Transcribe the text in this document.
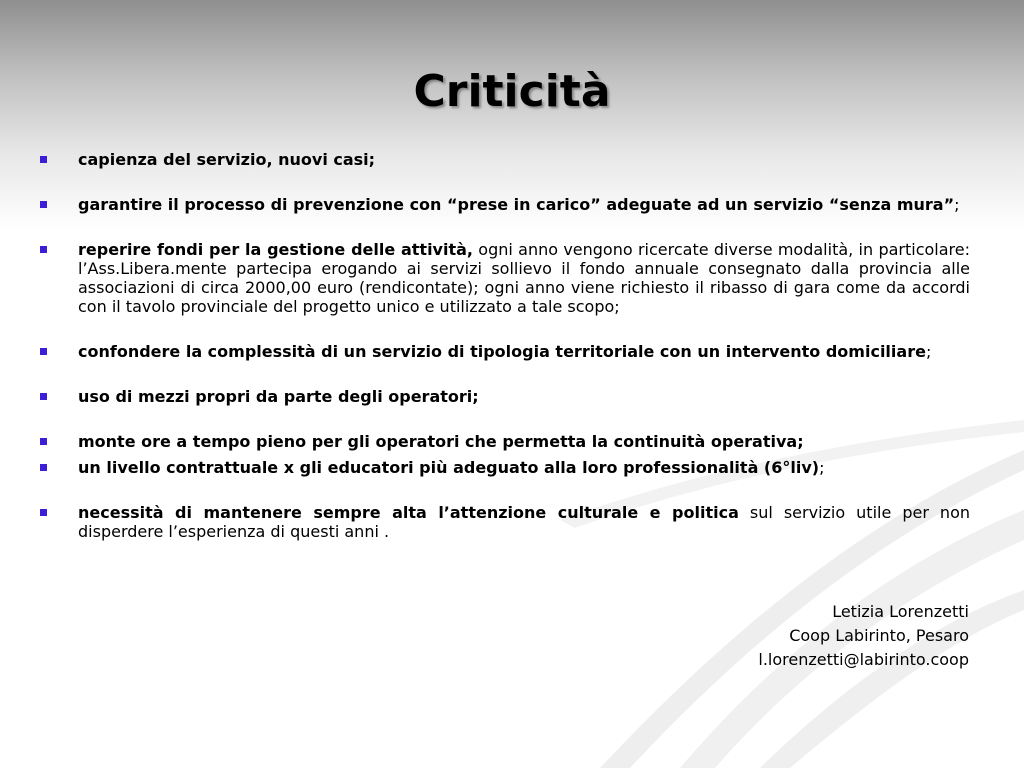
Criticità
capienza del servizio, nuovi casi;
garantire il processo di prevenzione con “prese in carico” adeguate ad un servizio “senza mura”;
reperire fondi per la gestione delle attività, ogni anno vengono ricercate diverse modalità, in particolare: l’Ass.Libera.mente partecipa erogando ai servizi sollievo il fondo annuale consegnato dalla provincia alle associazioni di circa 2000,00 euro (rendicontate); ogni anno viene richiesto il ribasso di gara come da accordi con il tavolo provinciale del progetto unico e utilizzato a tale scopo;
confondere la complessità di un servizio di tipologia territoriale con un intervento domiciliare;
uso di mezzi propri da parte degli operatori;
monte ore a tempo pieno per gli operatori che permetta la continuità operativa;
un livello contrattuale x gli educatori più adeguato alla loro professionalità (6°liv);
necessità di mantenere sempre alta l’attenzione culturale e politica sul servizio utile per non disperdere l’esperienza di questi anni .
Letizia Lorenzetti
Coop Labirinto, Pesaro
l.lorenzetti@labirinto.coop
